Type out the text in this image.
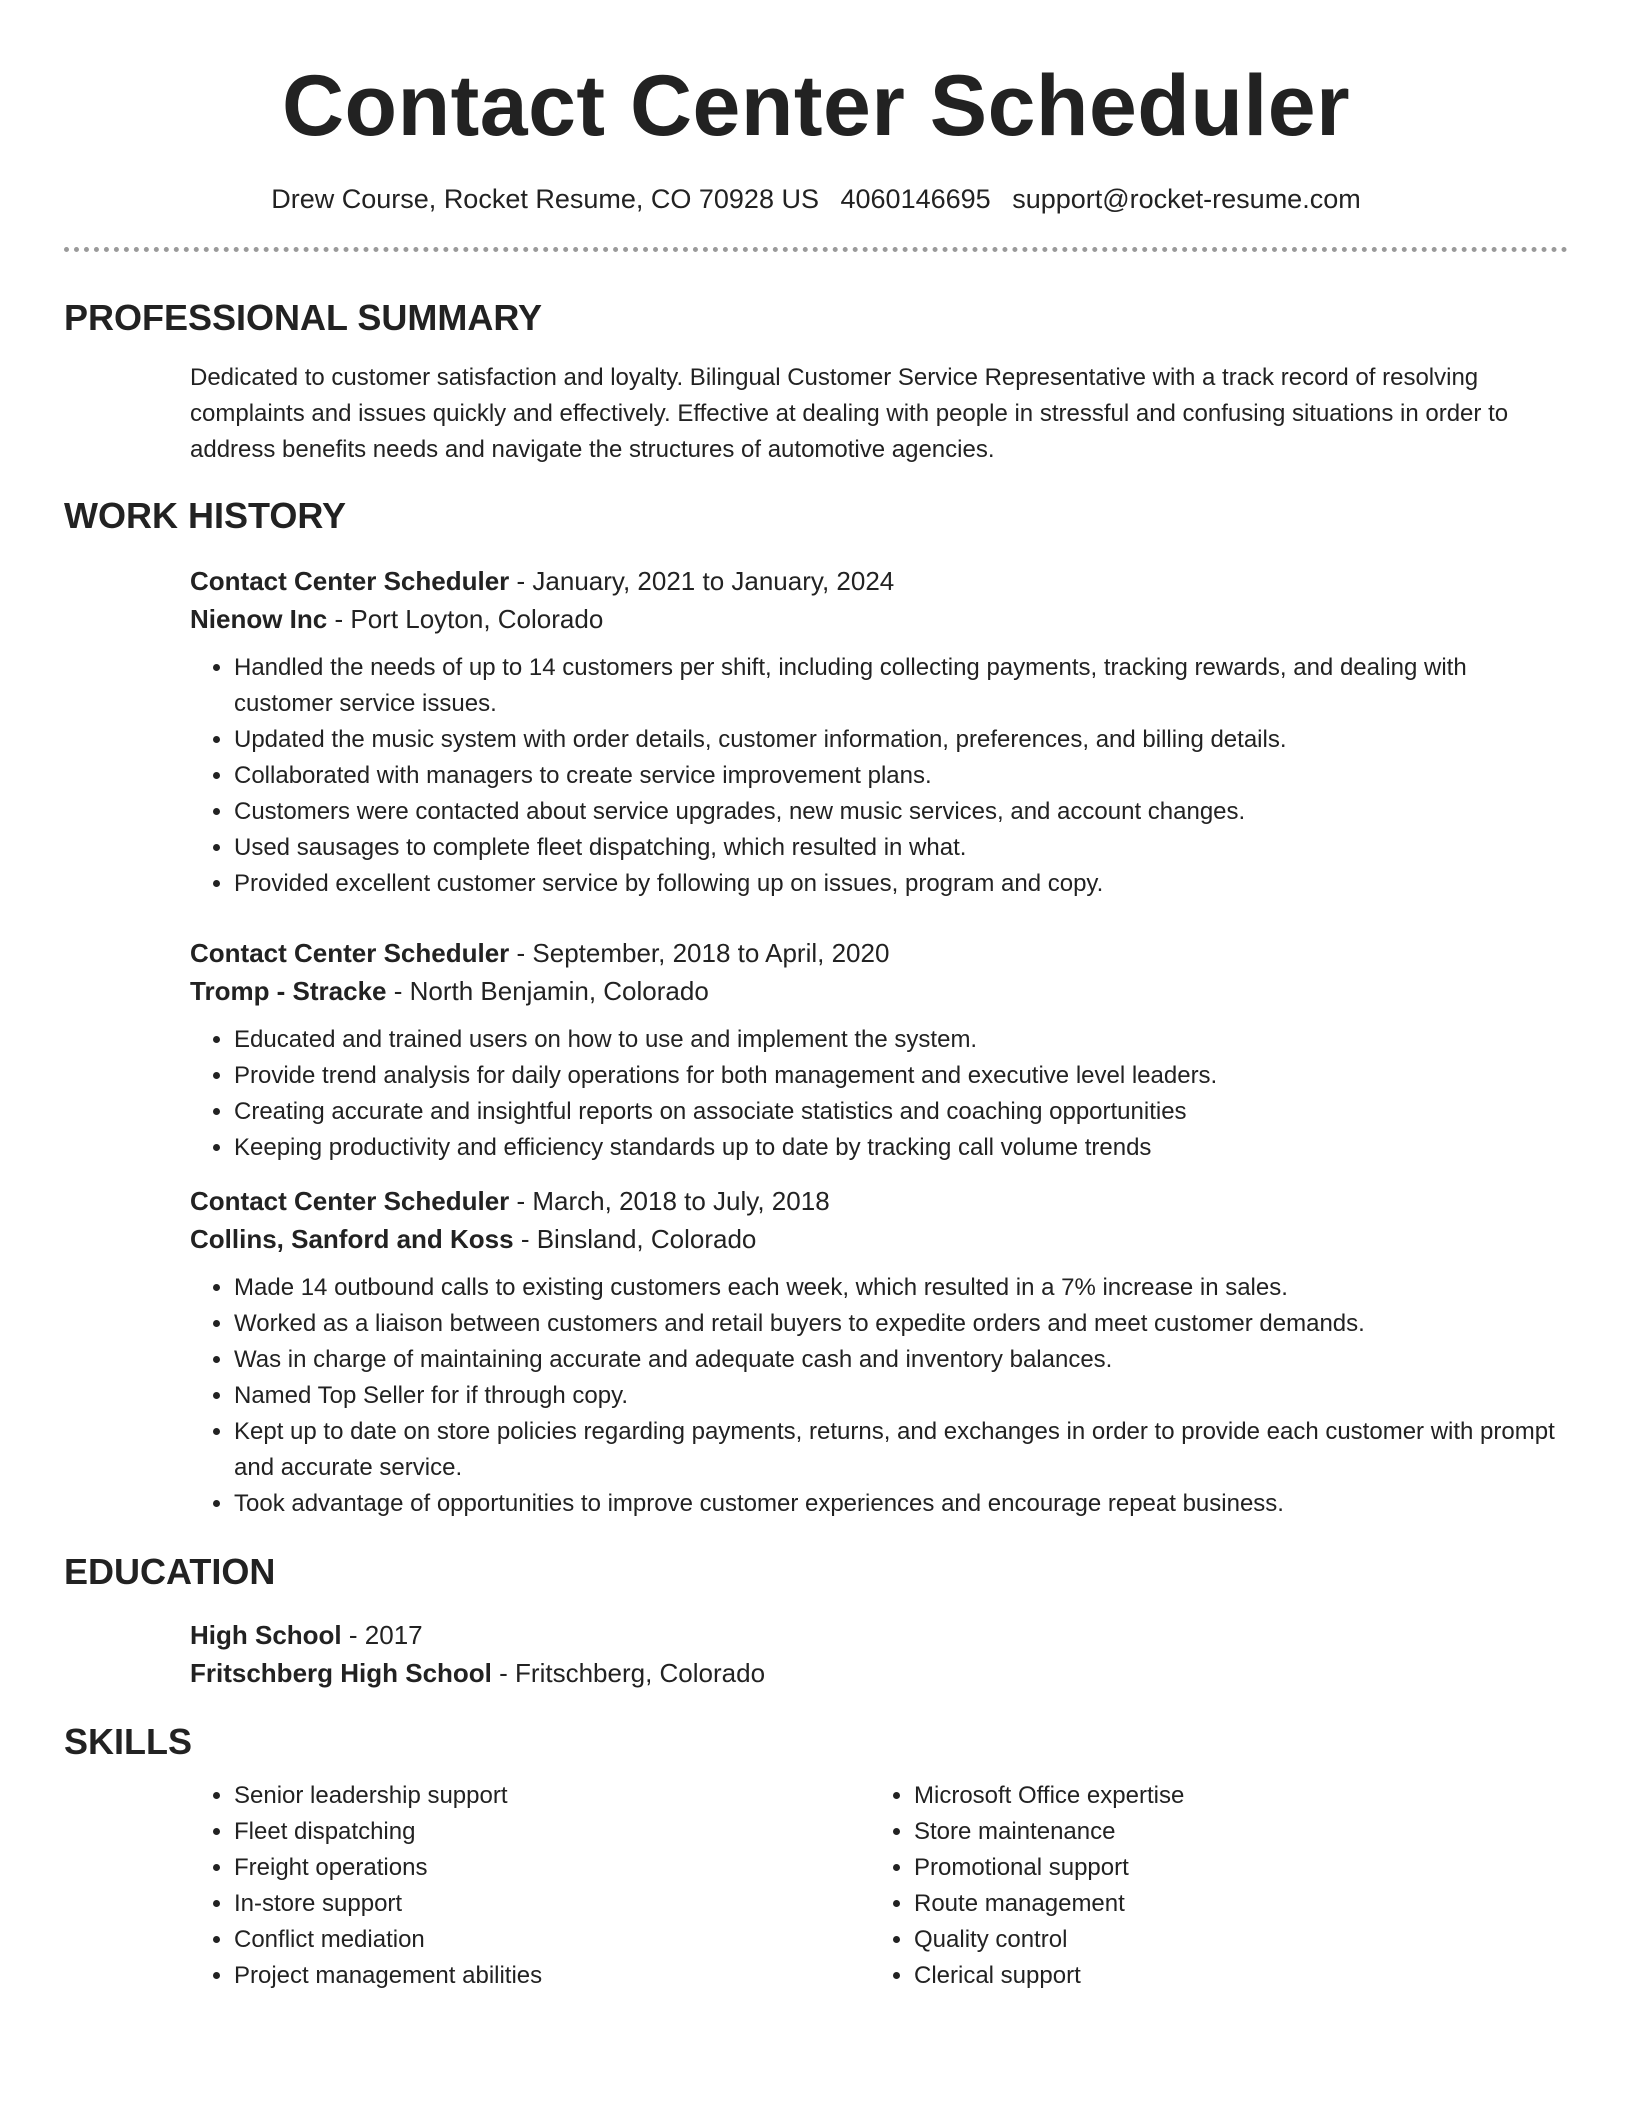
Contact Center Scheduler
Drew Course, Rocket Resume, CO 70928 US 4060146695 support@rocket-resume.com
PROFESSIONAL SUMMARY
Dedicated to customer satisfaction and loyalty. Bilingual Customer Service Representative with a track record of resolving complaints and issues quickly and effectively. Effective at dealing with people in stressful and confusing situations in order to address benefits needs and navigate the structures of automotive agencies.
WORK HISTORY
Contact Center Scheduler - January, 2021 to January, 2024
Nienow Inc - Port Loyton, Colorado
• Handled the needs of up to 14 customers per shift, including collecting payments, tracking rewards, and dealing with customer service issues.
• Updated the music system with order details, customer information, preferences, and billing details.
• Collaborated with managers to create service improvement plans.
• Customers were contacted about service upgrades, new music services, and account changes.
• Used sausages to complete fleet dispatching, which resulted in what.
• Provided excellent customer service by following up on issues, program and copy.
Contact Center Scheduler - September, 2018 to April, 2020
Tromp - Stracke - North Benjamin, Colorado
• Educated and trained users on how to use and implement the system.
• Provide trend analysis for daily operations for both management and executive level leaders.
• Creating accurate and insightful reports on associate statistics and coaching opportunities
• Keeping productivity and efficiency standards up to date by tracking call volume trends
Contact Center Scheduler - March, 2018 to July, 2018
Collins, Sanford and Koss - Binsland, Colorado
• Made 14 outbound calls to existing customers each week, which resulted in a 7% increase in sales.
• Worked as a liaison between customers and retail buyers to expedite orders and meet customer demands.
• Was in charge of maintaining accurate and adequate cash and inventory balances.
• Named Top Seller for if through copy.
• Kept up to date on store policies regarding payments, returns, and exchanges in order to provide each customer with prompt and accurate service.
• Took advantage of opportunities to improve customer experiences and encourage repeat business.
EDUCATION
High School - 2017
Fritschberg High School - Fritschberg, Colorado
SKILLS
• Senior leadership support
• Fleet dispatching
• Freight operations
• In-store support
• Conflict mediation
• Project management abilities
• Microsoft Office expertise
• Store maintenance
• Promotional support
• Route management
• Quality control
• Clerical support
